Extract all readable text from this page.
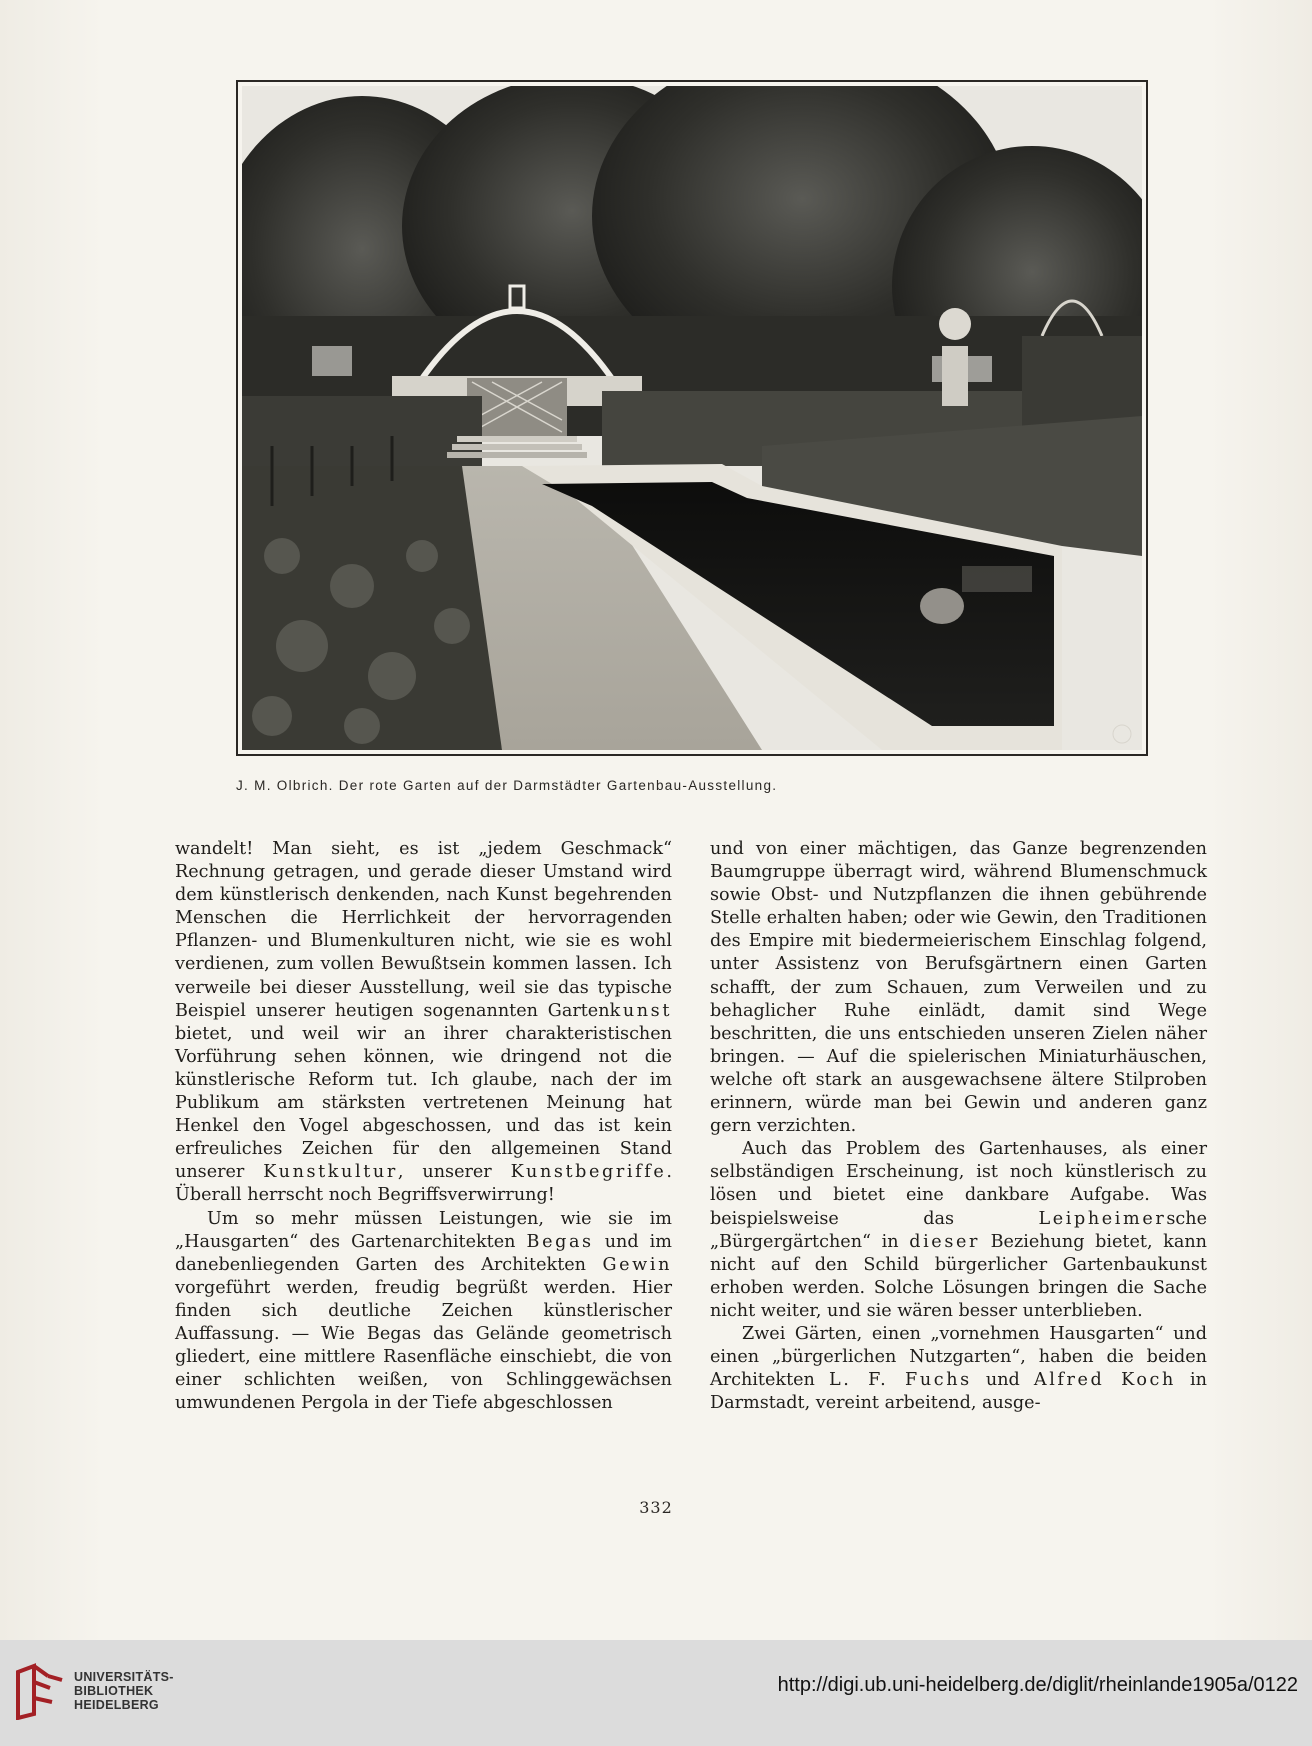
J. M. Olbrich. Der rote Garten auf der Darmstädter Gartenbau-Ausstellung.

wandelt! Man sieht, es ist „jedem Geschmack“ Rechnung getragen, und gerade dieser Umstand wird dem künstlerisch denkenden, nach Kunst begehrenden Menschen die Herrlichkeit der hervorragenden Pflanzen- und Blumenkulturen nicht, wie sie es wohl verdienen, zum vollen Bewußtsein kommen lassen. Ich verweile bei dieser Ausstellung, weil sie das typische Beispiel unserer heutigen sogenannten Gartenkunst bietet, und weil wir an ihrer charakteristischen Vorführung sehen können, wie dringend not die künstlerische Reform tut. Ich glaube, nach der im Publikum am stärksten vertretenen Meinung hat Henkel den Vogel abgeschossen, und das ist kein erfreuliches Zeichen für den allgemeinen Stand unserer Kunstkultur, unserer Kunstbegriffe. Überall herrscht noch Begriffsverwirrung!

Um so mehr müssen Leistungen, wie sie im „Hausgarten“ des Gartenarchitekten Begas und im danebenliegenden Garten des Architekten Gewin vorgeführt werden, freudig begrüßt werden. Hier finden sich deutliche Zeichen künstlerischer Auffassung. — Wie Begas das Gelände geometrisch gliedert, eine mittlere Rasenfläche einschiebt, die von einer schlichten weißen, von Schlinggewächsen umwundenen Pergola in der Tiefe abgeschlossen

und von einer mächtigen, das Ganze begrenzenden Baumgruppe überragt wird, während Blumenschmuck sowie Obst- und Nutzpflanzen die ihnen gebührende Stelle erhalten haben; oder wie Gewin, den Traditionen des Empire mit biedermeierischem Einschlag folgend, unter Assistenz von Berufsgärtnern einen Garten schafft, der zum Schauen, zum Verweilen und zu behaglicher Ruhe einlädt, damit sind Wege beschritten, die uns entschieden unseren Zielen näher bringen. — Auf die spielerischen Miniaturhäuschen, welche oft stark an ausgewachsene ältere Stilproben erinnern, würde man bei Gewin und anderen ganz gern verzichten.

Auch das Problem des Gartenhauses, als einer selbständigen Erscheinung, ist noch künstlerisch zu lösen und bietet eine dankbare Aufgabe. Was beispielsweise das Leipheimersche „Bürgergärtchen“ in dieser Beziehung bietet, kann nicht auf den Schild bürgerlicher Gartenbaukunst erhoben werden. Solche Lösungen bringen die Sache nicht weiter, und sie wären besser unterblieben.

Zwei Gärten, einen „vornehmen Hausgarten“ und einen „bürgerlichen Nutzgarten“, haben die beiden Architekten L. F. Fuchs und Alfred Koch in Darmstadt, vereint arbeitend, ausge-

332
UNIVERSITÄTS-
BIBLIOTHEK
HEIDELBERG
http://digi.ub.uni-heidelberg.de/diglit/rheinlande1905a/0122
